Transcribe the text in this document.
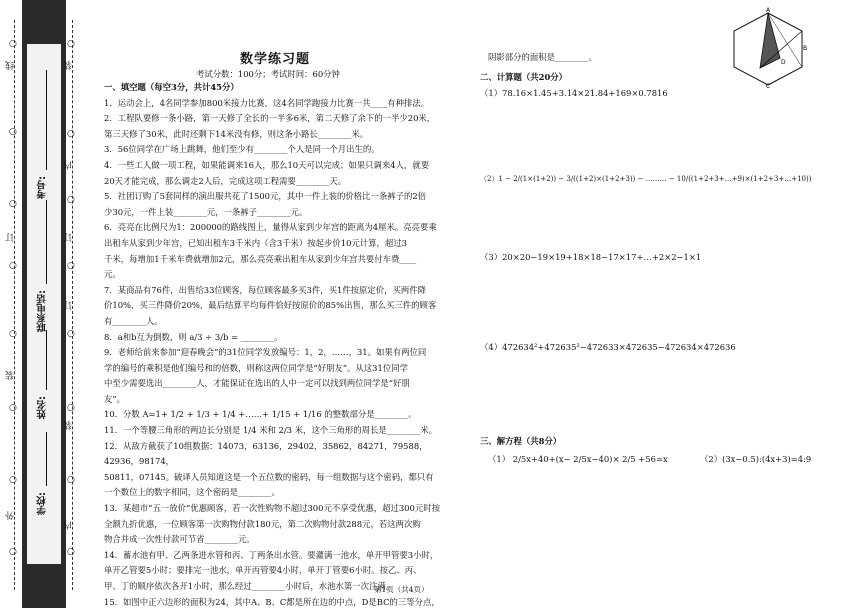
○
○
○
○
○
○
○
○
○
○
○
○
○
○
○
○
线
订
装
外
装
内
订
订
装
内
学校:
姓名:
联系电话:
考号:
数学练习题
考试分数：100分；考试时间：60分钟
一、填空题（每空3分，共计45分）
1．运动会上，4名同学参加800米接力比赛，这4名同学跑接力比赛一共____有种排法。
2．工程队要修一条小路，第一天修了全长的一半多6米，第二天修了余下的一半少20米，
第三天修了30米，此时还剩下14米没有修，则这条小路长________米。
3．56位同学在广场上跳舞，他们至少有________个人是同一个月出生的。
4．一些工人做一项工程，如果能调来16人，那么10天可以完成；如果只调来4人，就要
20天才能完成，那么调走2人后，完成这项工程需要________天。
5．社团订购了5套同样的演出服共花了1500元，其中一件上装的价格比一条裤子的2倍
少30元，一件上装________元，一条裤子________元。
6．亮亮在比例尺为1：200000的路线图上，量得从家到少年宫的距离为4厘米。亮亮要乘
出租车从家到少年宫，已知出租车3千米内（含3千米）按起步价10元计算，超过3
千米，每增加1千米车费就增加2元，那么亮亮乘出租车从家到少年宫共要付车费____
元。
7．某商品有76件，出售给33位顾客，每位顾客最多买3件，买1件按原定价，买两件降
价10%，买三件降价20%，最后结算平均每件恰好按原价的85%出售，那么买三件的顾客
有________人。
8．a和b互为倒数，则 a/3 ÷ 3/b = ________。
9．老师给前来参加“迎春晚会”的31位同学发放编号：1，2，……，31。如果有两位同
学的编号的乘积是他们编号和的倍数，则称这两位同学是“好朋友”。从这31位同学
中至少需要选出________人，才能保证在选出的人中一定可以找到两位同学是“好朋
友”。
10．分数 A=1+ 1/2 + 1/3 + 1/4 +……+ 1/15 + 1/16 的整数部分是________。
11．一个等腰三角形的两边长分别是 1/4 米和 2/3 米，这个三角形的周长是________米。
12．从敌方截获了10组数据：14073，63136，29402，35862，84271，79588，42936，98174，
50811，07145。破译人员知道这是一个五位数的密码，每一组数据与这个密码，都只有
一个数位上的数字相同，这个密码是________。
13．某超市“五一放价”优惠顾客，若一次性购物不超过300元不享受优惠，超过300元时按
全额九折优惠，一位顾客第一次购物付款180元，第二次购物付款288元，若这两次购
物合并成一次性付款可节省________元。
14．蓄水池有甲、乙两条进水管和丙、丁两条出水管。要灌满一池水，单开甲管要3小时，
单开乙管要5小时；要排完一池水，单开丙管要4小时，单开丁管要6小时。按乙、丙、
甲、丁的顺序依次各开1小时，那么经过________小时后，水池水第一次注满。
15．如图中正六边形的面积为24，其中A、B、C都是所在边的中点，D是BC的三等分点，
A
B
C
D
阴影部分的面积是________。
二、计算题（共20分）
（1）78.16×1.45+3.14×21.84+169×0.7816
（2）1 − 2/(1×(1+2)) − 3/((1+2)×(1+2+3)) − ……… − 10/((1+2+3+…+9)×(1+2+3+…+10))
（3）20×20−19×19+18×18−17×17+…+2×2−1×1
（4）472634²+472635²−472633×472635−472634×472636
三、解方程（共8分）
（1） 2/5x+40+(x− 2/5x−40)× 2/5 +56=x	（2）(3x−0.5):(4x+3)=4:9
第1页（共4页）
